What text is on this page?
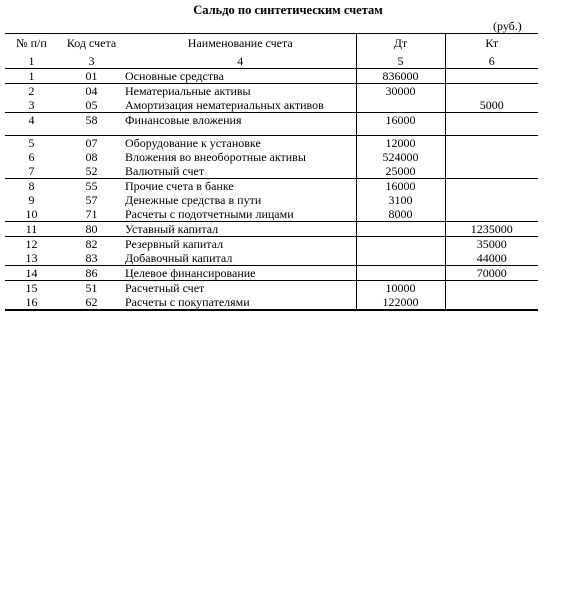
Сальдо по синтетическим счетам
(руб.)
№ п/п	Код счета	Наименование счета	Дт	Кт
1	3	4	5	6
1	01	Основные средства	836000	
2	04	Нематериальные активы	30000	
3	05	Амортизация нематериальных активов		5000
4	58	Финансовые вложения	16000	

5	07	Оборудование к установке	12000	
6	08	Вложения во внеоборотные активы	524000	
7	52	Валютный счет	25000	
8	55	Прочие счета в банке	16000	
9	57	Денежные средства в пути	3100	
10	71	Расчеты с подотчетными лицами	8000	
11	80	Уставный капитал		1235000
12	82	Резервный капитал		35000
13	83	Добавочный капитал		44000
14	86	Целевое финансирование		70000
15	51	Расчетный счет	10000	
16	62	Расчеты с покупателями	122000	
